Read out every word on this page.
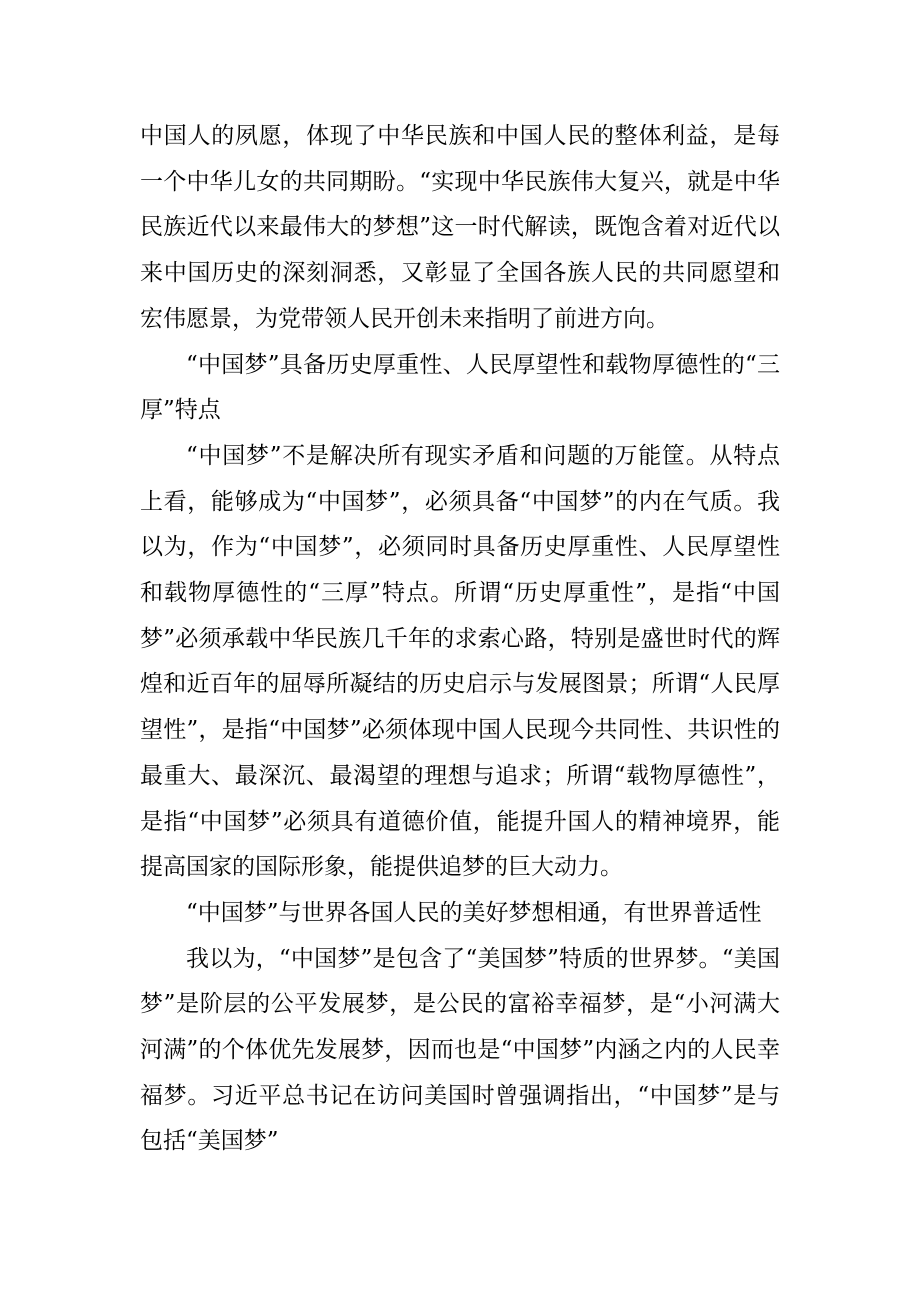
中国人的夙愿，体现了中华民族和中国人民的整体利益，是每一个中华儿女的共同期盼。“实现中华民族伟大复兴，就是中华民族近代以来最伟大的梦想”这一时代解读，既饱含着对近代以来中国历史的深刻洞悉，又彰显了全国各族人民的共同愿望和宏伟愿景，为党带领人民开创未来指明了前进方向。

“中国梦”具备历史厚重性、人民厚望性和载物厚德性的“三厚”特点

“中国梦”不是解决所有现实矛盾和问题的万能筐。从特点上看，能够成为“中国梦”，必须具备“中国梦”的内在气质。我以为，作为“中国梦”，必须同时具备历史厚重性、人民厚望性和载物厚德性的“三厚”特点。所谓“历史厚重性”，是指“中国梦”必须承载中华民族几千年的求索心路，特别是盛世时代的辉煌和近百年的屈辱所凝结的历史启示与发展图景；所谓“人民厚望性”，是指“中国梦”必须体现中国人民现今共同性、共识性的最重大、最深沉、最渴望的理想与追求；所谓“载物厚德性”，是指“中国梦”必须具有道德价值，能提升国人的精神境界，能提高国家的国际形象，能提供追梦的巨大动力。

“中国梦”与世界各国人民的美好梦想相通，有世界普适性

我以为，“中国梦”是包含了“美国梦”特质的世界梦。“美国梦”是阶层的公平发展梦，是公民的富裕幸福梦，是“小河满大河满”的个体优先发展梦，因而也是“中国梦”内涵之内的人民幸福梦。习近平总书记在访问美国时曾强调指出，“中国梦”是与包括“美国梦”
